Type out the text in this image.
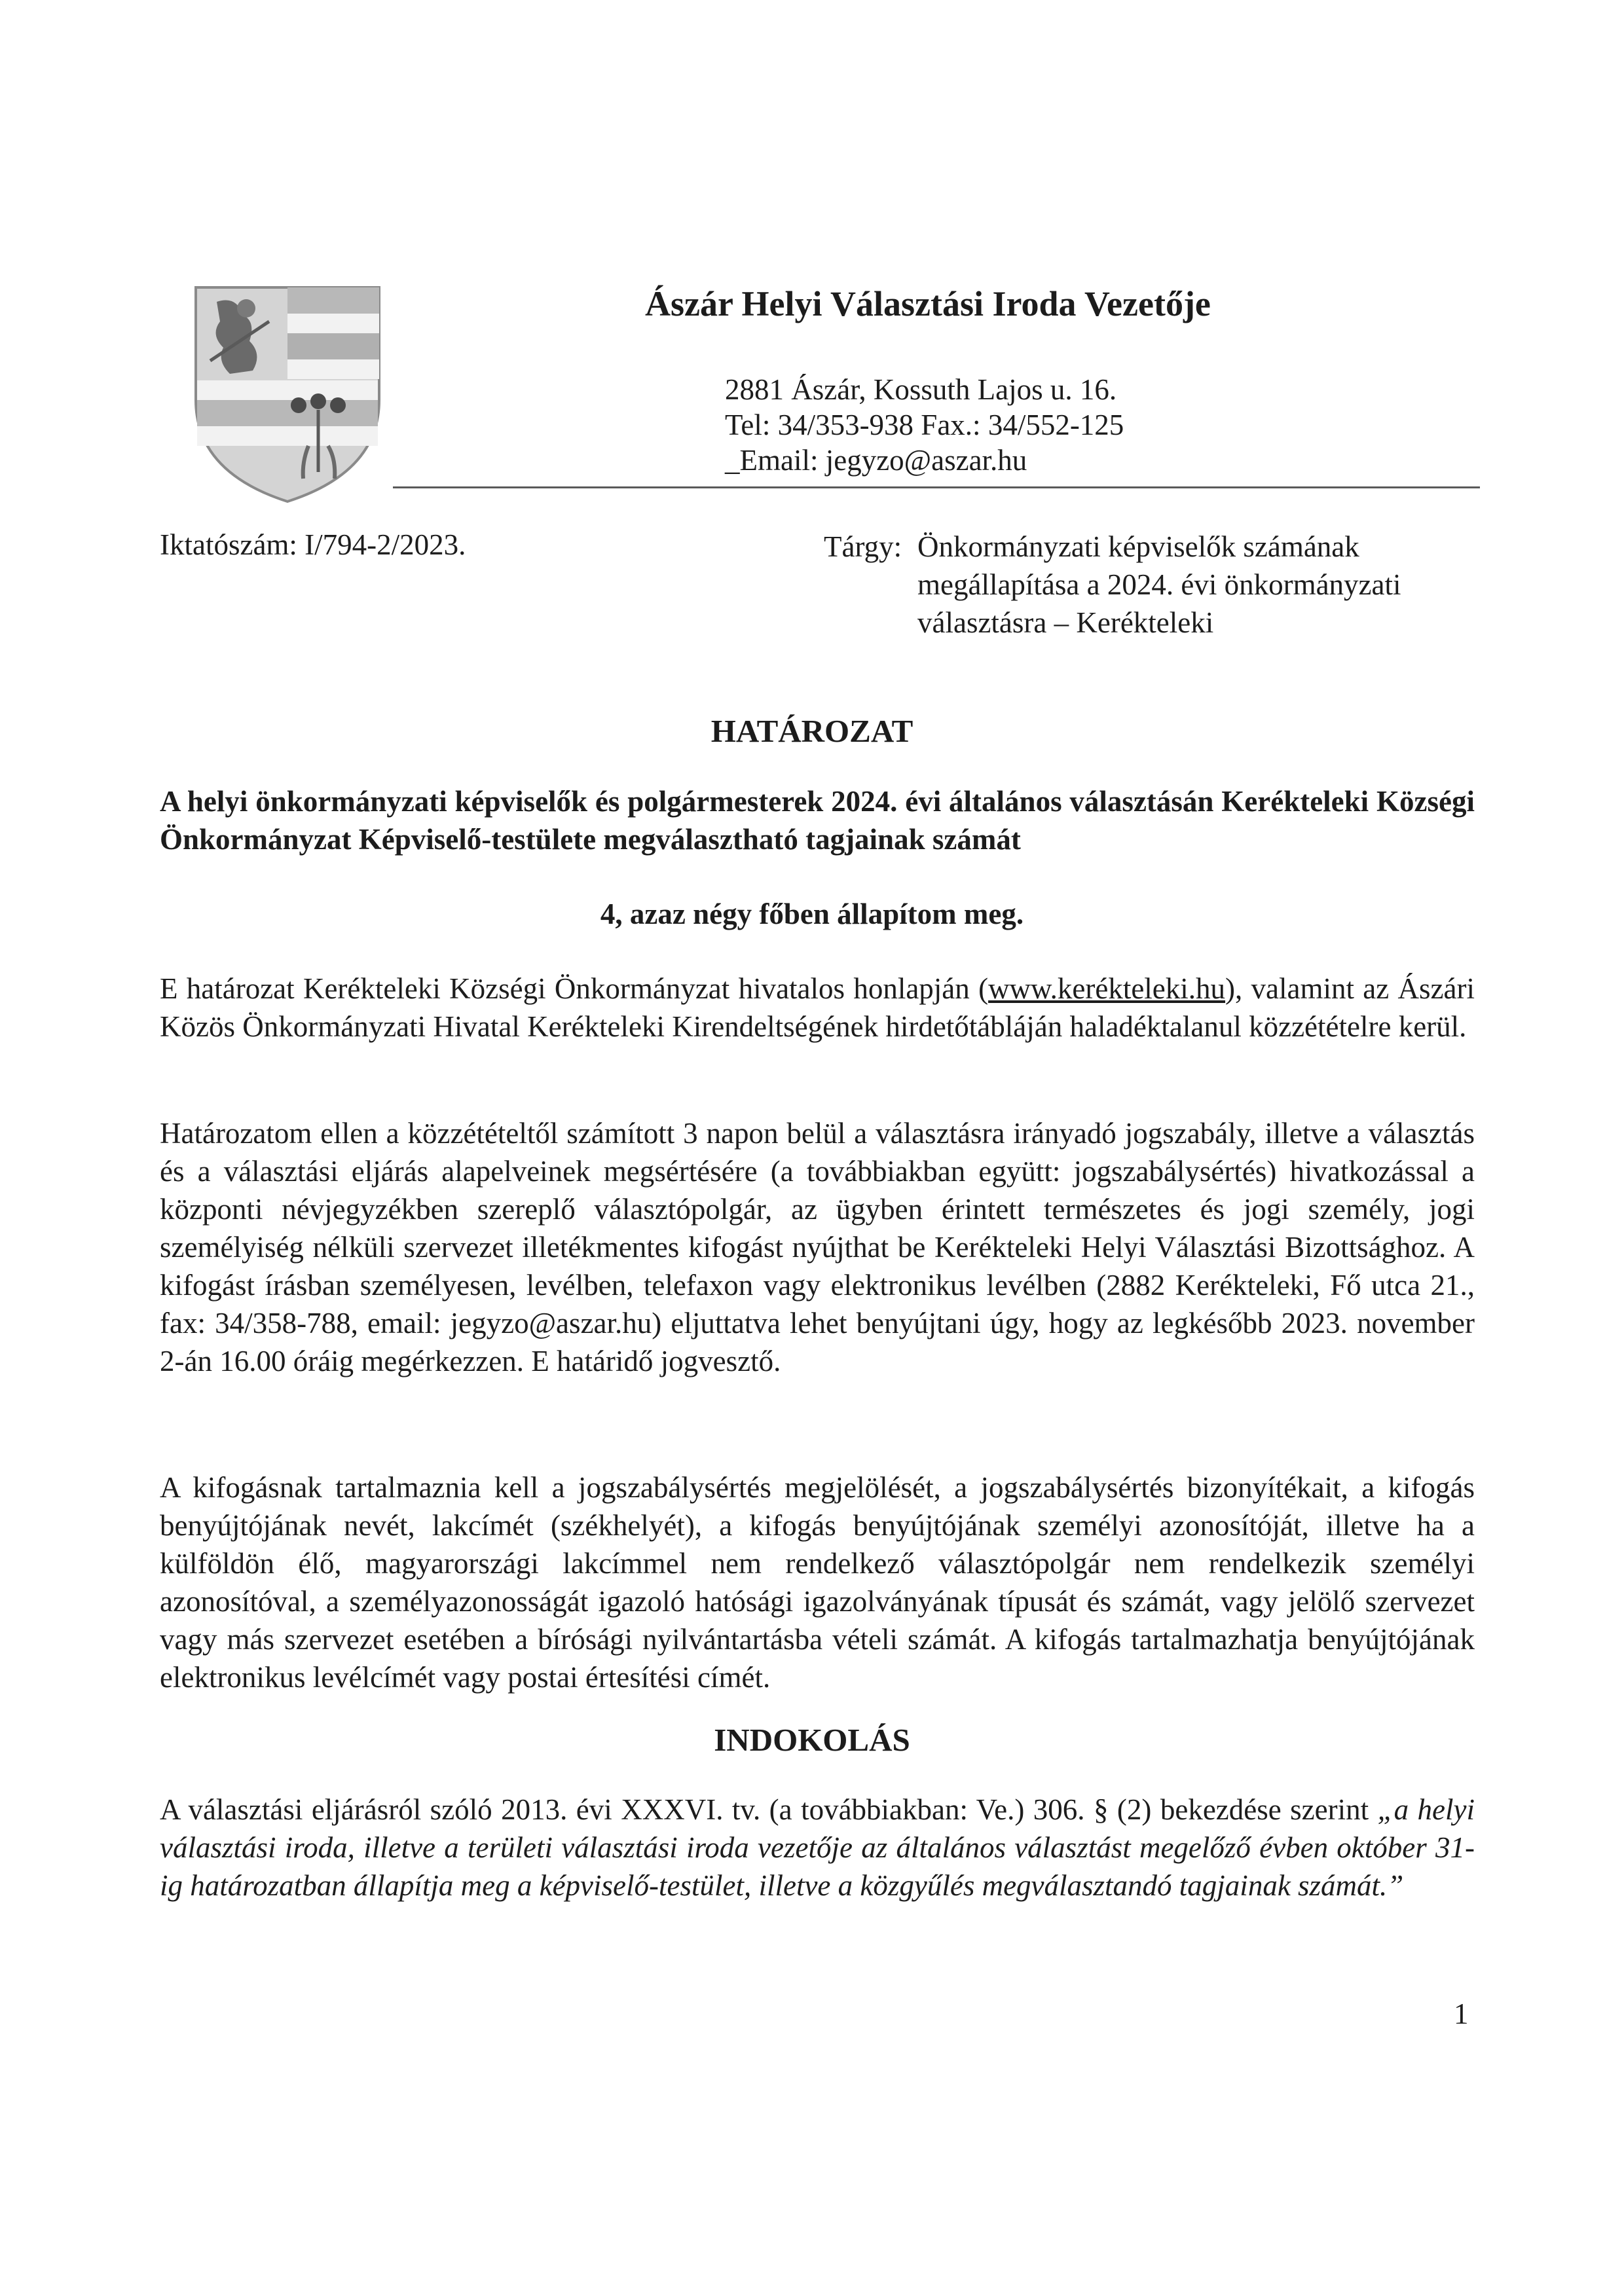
Ászár Helyi Választási Iroda Vezetője
2881 Ászár, Kossuth Lajos u. 16.
Tel: 34/353-938 Fax.: 34/552-125
_Email: jegyzo@aszar.hu
Iktatószám: I/794-2/2023.	Tárgy: Önkormányzati képviselők számának
megállapítása a 2024. évi önkormányzati
választásra – Kerékteleki
HATÁROZAT
A helyi önkormányzati képviselők és polgármesterek 2024. évi általános választásán Kerékteleki Községi Önkormányzat Képviselő-testülete megválasztható tagjainak számát
4, azaz négy főben állapítom meg.
E határozat Kerékteleki Községi Önkormányzat hivatalos honlapján (www.kerékteleki.hu), valamint az Ászári Közös Önkormányzati Hivatal Kerékteleki Kirendeltségének hirdetőtábláján haladéktalanul közzétételre kerül.
Határozatom ellen a közzétételtől számított 3 napon belül a választásra irányadó jogszabály, illetve a választás és a választási eljárás alapelveinek megsértésére (a továbbiakban együtt: jogszabálysértés) hivatkozással a központi névjegyzékben szereplő választópolgár, az ügyben érintett természetes és jogi személy, jogi személyiség nélküli szervezet illetékmentes kifogást nyújthat be Kerékteleki Helyi Választási Bizottsághoz. A kifogást írásban személyesen, levélben, telefaxon vagy elektronikus levélben (2882 Kerékteleki, Fő utca 21., fax: 34/358-788, email: jegyzo@aszar.hu) eljuttatva lehet benyújtani úgy, hogy az legkésőbb 2023. november 2-án 16.00 óráig megérkezzen. E határidő jogvesztő.
A kifogásnak tartalmaznia kell a jogszabálysértés megjelölését, a jogszabálysértés bizonyítékait, a kifogás benyújtójának nevét, lakcímét (székhelyét), a kifogás benyújtójának személyi azonosítóját, illetve ha a külföldön élő, magyarországi lakcímmel nem rendelkező választópolgár nem rendelkezik személyi azonosítóval, a személyazonosságát igazoló hatósági igazolványának típusát és számát, vagy jelölő szervezet vagy más szervezet esetében a bírósági nyilvántartásba vételi számát. A kifogás tartalmazhatja benyújtójának elektronikus levélcímét vagy postai értesítési címét.
INDOKOLÁS
A választási eljárásról szóló 2013. évi XXXVI. tv. (a továbbiakban: Ve.) 306. § (2) bekezdése szerint „a helyi választási iroda, illetve a területi választási iroda vezetője az általános választást megelőző évben október 31-ig határozatban állapítja meg a képviselő-testület, illetve a közgyűlés megválasztandó tagjainak számát.”
1
